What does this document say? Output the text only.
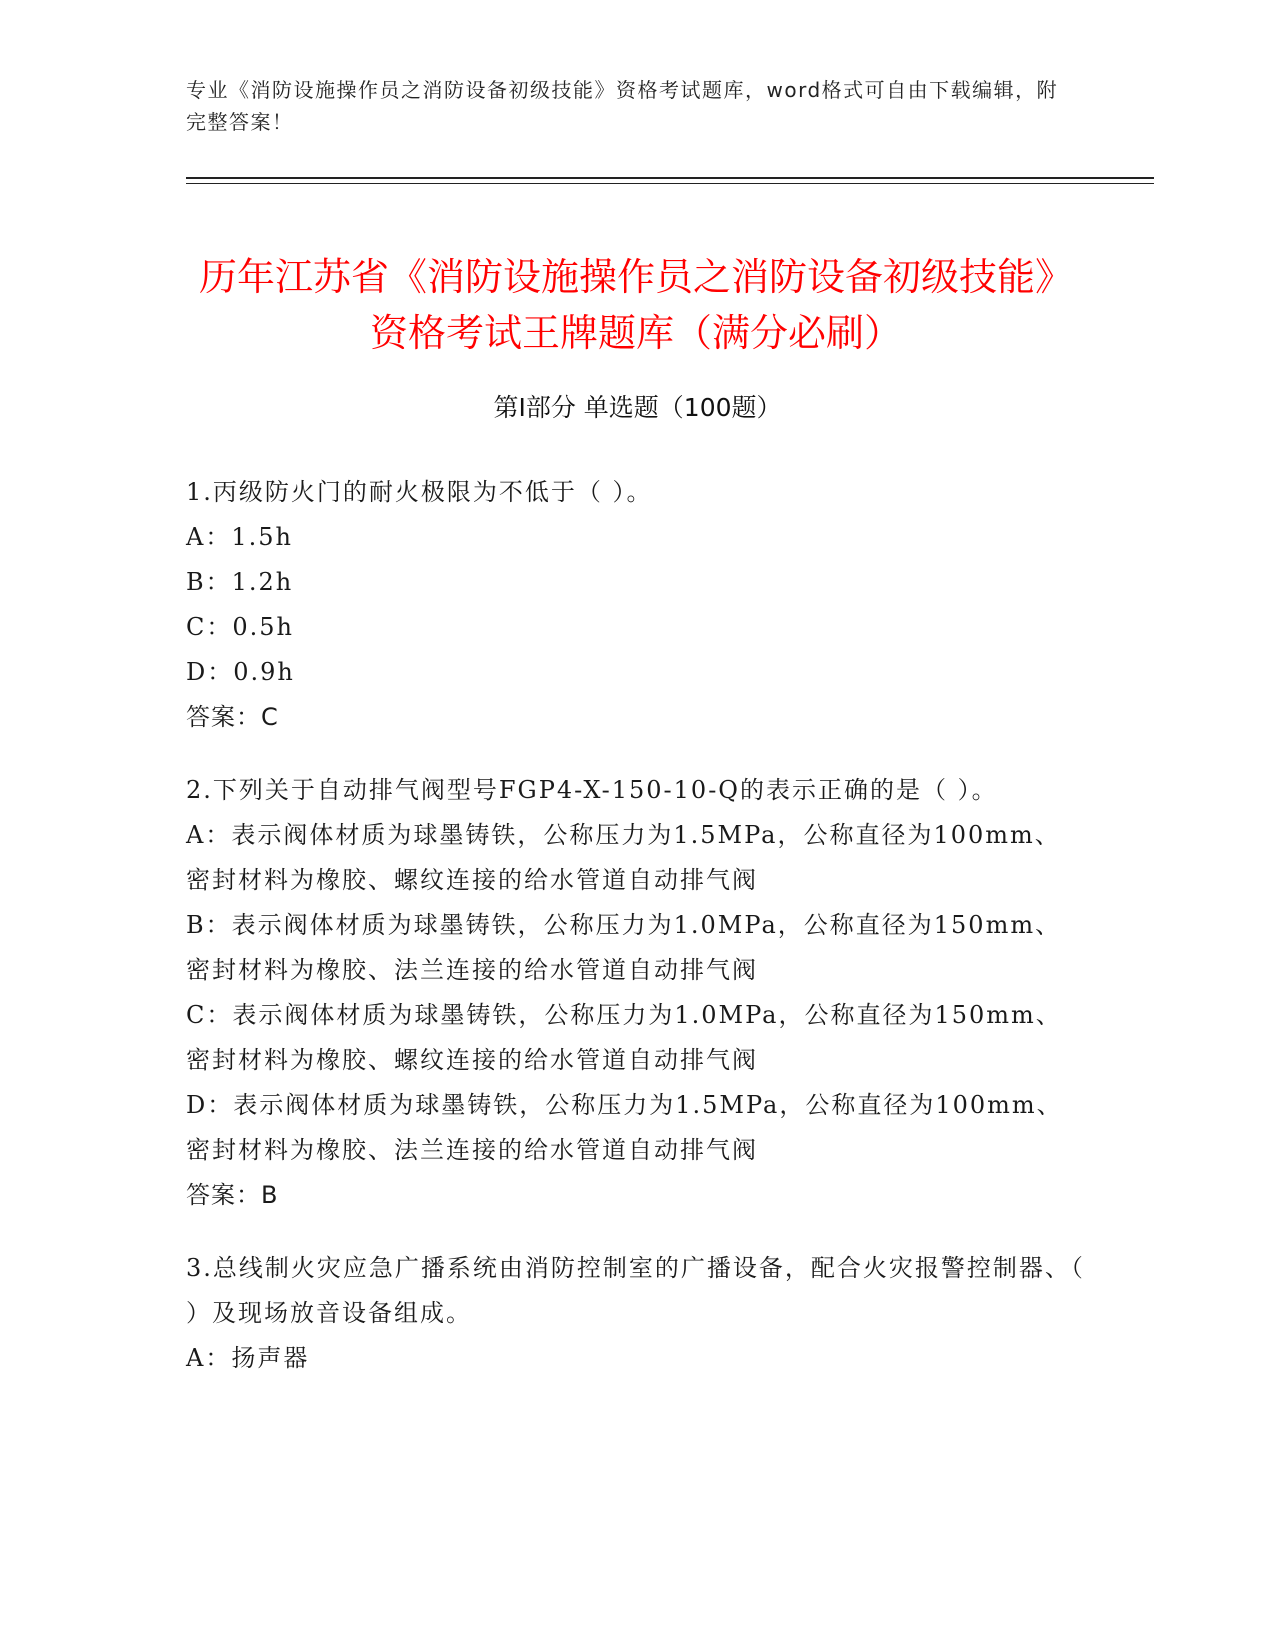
专业《消防设施操作员之消防设备初级技能》资格考试题库，word格式可自由下载编辑，附完整答案！
历年江苏省《消防设施操作员之消防设备初级技能》资格考试王牌题库（满分必刷）
第Ⅰ部分 单选题（100题）

1.丙级防火门的耐火极限为不低于（ ）。

A：1.5h

B：1.2h

C：0.5h

D：0.9h

答案：C

2.下列关于自动排气阀型号FGP4-X-150-10-Q的表示正确的是（ ）。

A：表示阀体材质为球墨铸铁，公称压力为1.5MPa，公称直径为100mm、密封材料为橡胶、螺纹连接的给水管道自动排气阀

B：表示阀体材质为球墨铸铁，公称压力为1.0MPa，公称直径为150mm、密封材料为橡胶、法兰连接的给水管道自动排气阀

C：表示阀体材质为球墨铸铁，公称压力为1.0MPa，公称直径为150mm、密封材料为橡胶、螺纹连接的给水管道自动排气阀

D：表示阀体材质为球墨铸铁，公称压力为1.5MPa，公称直径为100mm、密封材料为橡胶、法兰连接的给水管道自动排气阀

答案：B

3.总线制火灾应急广播系统由消防控制室的广播设备，配合火灾报警控制器、（ ）及现场放音设备组成。

A：扬声器
